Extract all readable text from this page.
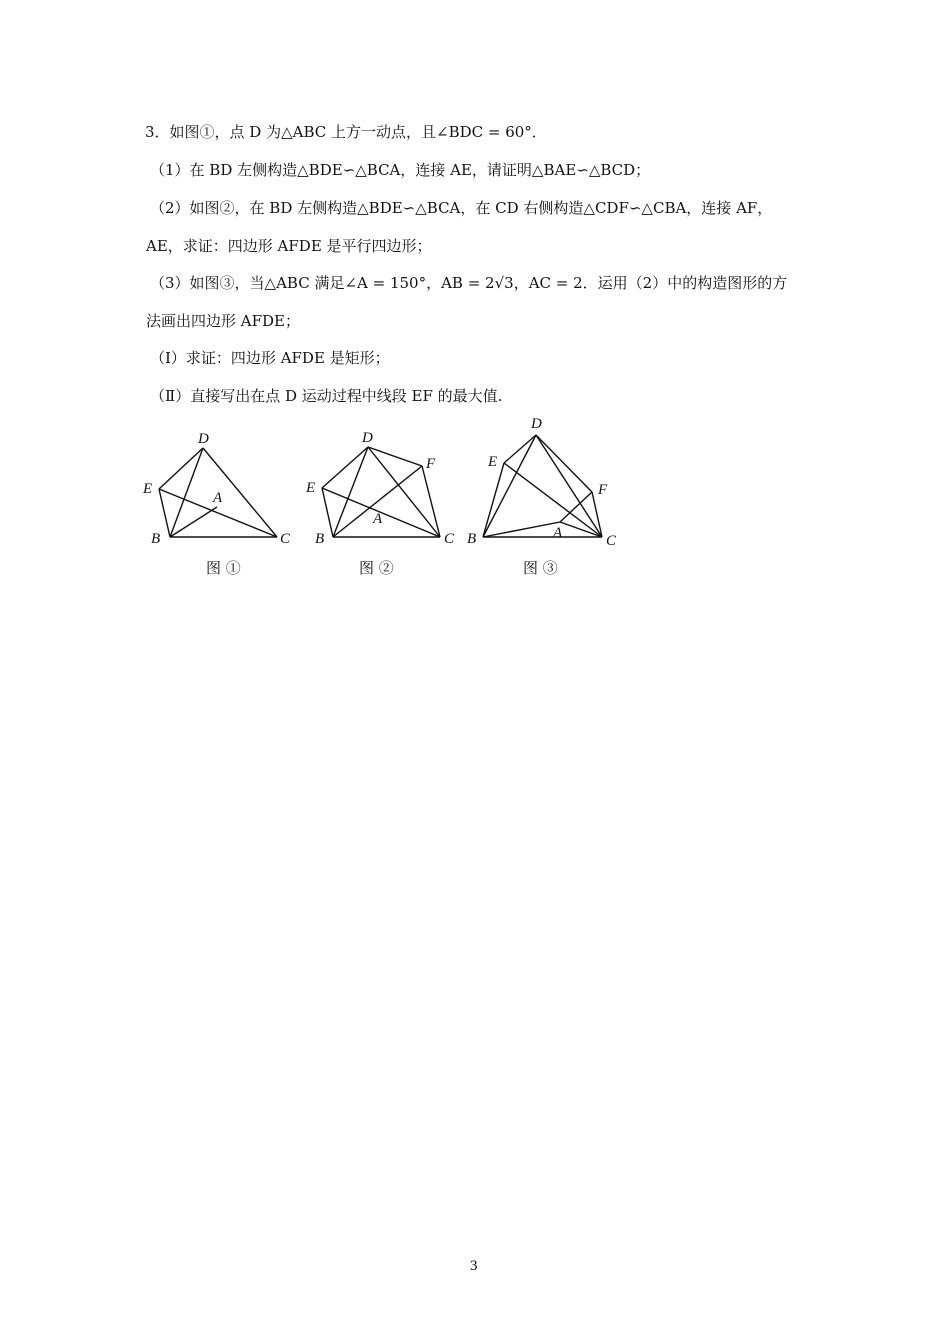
3．如图①，点 D 为△ABC 上方一动点，且∠BDC = 60°．
（1）在 BD 左侧构造△BDE∽△BCA，连接 AE，请证明△BAE∽△BCD；
（2）如图②，在 BD 左侧构造△BDE∽△BCA，在 CD 右侧构造△CDF∽△CBA，连接 AF，
AE，求证：四边形 AFDE 是平行四边形；
（3）如图③，当△ABC 满足∠A = 150°，AB = 2√3，AC = 2．运用（2）中的构造图形的方
法画出四边形 AFDE；
（Ⅰ）求证：四边形 AFDE 是矩形；
（Ⅱ）直接写出在点 D 运动过程中线段 EF 的最大值.
D
E
A
B	C
D
F
E
A
B	C
D
E
F
A
B	C
图 ①	图 ②	图 ③
3
